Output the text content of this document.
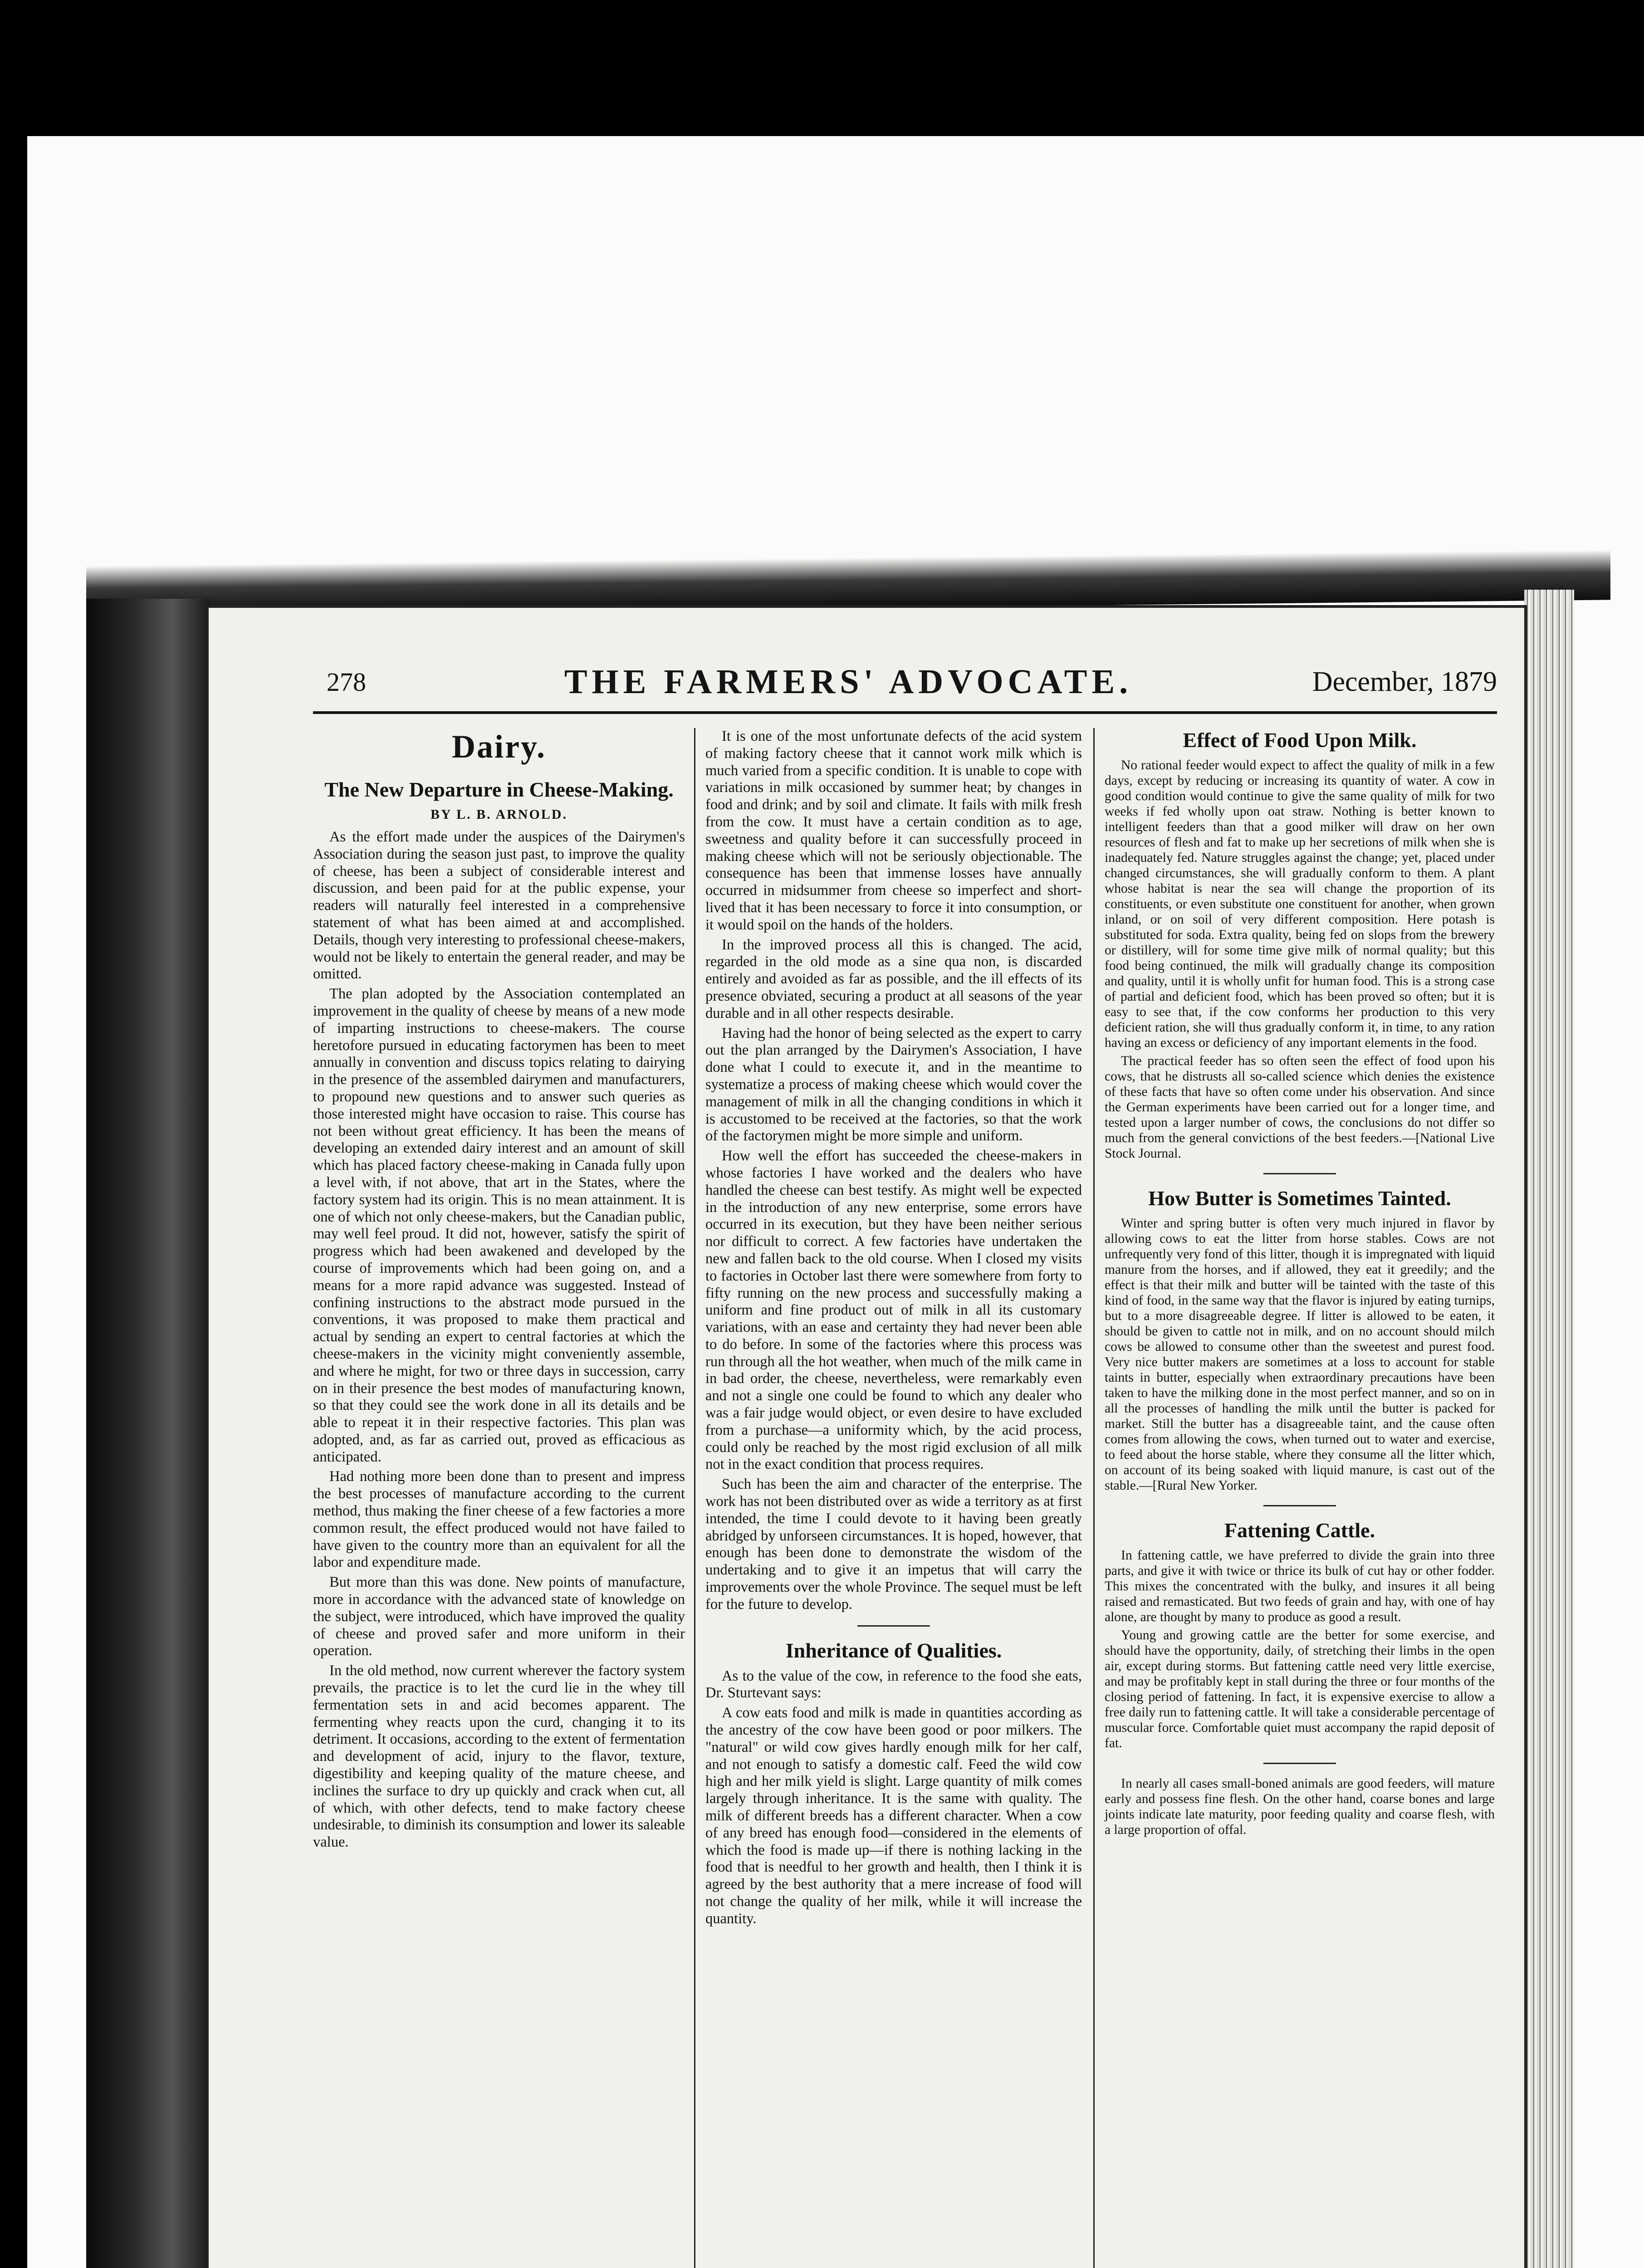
278	THE FARMERS' ADVOCATE.	December, 1879
Dairy.
The New Departure in Cheese-Making.
BY L. B. ARNOLD.

As the effort made under the auspices of the Dairymen's Association during the season just past, to improve the quality of cheese, has been a subject of considerable interest and discussion, and been paid for at the public expense, your readers will naturally feel interested in a comprehensive statement of what has been aimed at and accomplished. Details, though very interesting to professional cheese-makers, would not be likely to entertain the general reader, and may be omitted.

The plan adopted by the Association contemplated an improvement in the quality of cheese by means of a new mode of imparting instructions to cheese-makers. The course heretofore pursued in educating factorymen has been to meet annually in convention and discuss topics relating to dairying in the presence of the assembled dairymen and manufacturers, to propound new questions and to answer such queries as those interested might have occasion to raise. This course has not been without great efficiency. It has been the means of developing an extended dairy interest and an amount of skill which has placed factory cheese-making in Canada fully upon a level with, if not above, that art in the States, where the factory system had its origin. This is no mean attainment. It is one of which not only cheese-makers, but the Canadian public, may well feel proud. It did not, however, satisfy the spirit of progress which had been awakened and developed by the course of improvements which had been going on, and a means for a more rapid advance was suggested. Instead of confining instructions to the abstract mode pursued in the conventions, it was proposed to make them practical and actual by sending an expert to central factories at which the cheese-makers in the vicinity might conveniently assemble, and where he might, for two or three days in succession, carry on in their presence the best modes of manufacturing known, so that they could see the work done in all its details and be able to repeat it in their respective factories. This plan was adopted, and, as far as carried out, proved as efficacious as anticipated.

Had nothing more been done than to present and impress the best processes of manufacture according to the current method, thus making the finer cheese of a few factories a more common result, the effect produced would not have failed to have given to the country more than an equivalent for all the labor and expenditure made.

But more than this was done. New points of manufacture, more in accordance with the advanced state of knowledge on the subject, were introduced, which have improved the quality of cheese and proved safer and more uniform in their operation.

In the old method, now current wherever the factory system prevails, the practice is to let the curd lie in the whey till fermentation sets in and acid becomes apparent. The fermenting whey reacts upon the curd, changing it to its detriment. It occasions, according to the extent of fermentation and development of acid, injury to the flavor, texture, digestibility and keeping quality of the mature cheese, and inclines the surface to dry up quickly and crack when cut, all of which, with other defects, tend to make factory cheese undesirable, to diminish its consumption and lower its saleable value.

It is one of the most unfortunate defects of the acid system of making factory cheese that it cannot work milk which is much varied from a specific condition. It is unable to cope with variations in milk occasioned by summer heat; by changes in food and drink; and by soil and climate. It fails with milk fresh from the cow. It must have a certain condition as to age, sweetness and quality before it can successfully proceed in making cheese which will not be seriously objectionable. The consequence has been that immense losses have annually occurred in midsummer from cheese so imperfect and short-lived that it has been necessary to force it into consumption, or it would spoil on the hands of the holders.

In the improved process all this is changed. The acid, regarded in the old mode as a sine qua non, is discarded entirely and avoided as far as possible, and the ill effects of its presence obviated, securing a product at all seasons of the year durable and in all other respects desirable.

Having had the honor of being selected as the expert to carry out the plan arranged by the Dairymen's Association, I have done what I could to execute it, and in the meantime to systematize a process of making cheese which would cover the management of milk in all the changing conditions in which it is accustomed to be received at the factories, so that the work of the factorymen might be more simple and uniform.

How well the effort has succeeded the cheese-makers in whose factories I have worked and the dealers who have handled the cheese can best testify. As might well be expected in the introduction of any new enterprise, some errors have occurred in its execution, but they have been neither serious nor difficult to correct. A few factories have undertaken the new and fallen back to the old course. When I closed my visits to factories in October last there were somewhere from forty to fifty running on the new process and successfully making a uniform and fine product out of milk in all its customary variations, with an ease and certainty they had never been able to do before. In some of the factories where this process was run through all the hot weather, when much of the milk came in in bad order, the cheese, nevertheless, were remarkably even and not a single one could be found to which any dealer who was a fair judge would object, or even desire to have excluded from a purchase—a uniformity which, by the acid process, could only be reached by the most rigid exclusion of all milk not in the exact condition that process requires.

Such has been the aim and character of the enterprise. The work has not been distributed over as wide a territory as at first intended, the time I could devote to it having been greatly abridged by unforseen circumstances. It is hoped, however, that enough has been done to demonstrate the wisdom of the undertaking and to give it an impetus that will carry the improvements over the whole Province. The sequel must be left for the future to develop.

Inheritance of Qualities.

As to the value of the cow, in reference to the food she eats, Dr. Sturtevant says:

A cow eats food and milk is made in quantities according as the ancestry of the cow have been good or poor milkers. The "natural" or wild cow gives hardly enough milk for her calf, and not enough to satisfy a domestic calf. Feed the wild cow high and her milk yield is slight. Large quantity of milk comes largely through inheritance. It is the same with quality. The milk of different breeds has a different character. When a cow of any breed has enough food—considered in the elements of which the food is made up—if there is nothing lacking in the food that is needful to her growth and health, then I think it is agreed by the best authority that a mere increase of food will not change the quality of her milk, while it will increase the quantity.

Effect of Food Upon Milk.

No rational feeder would expect to affect the quality of milk in a few days, except by reducing or increasing its quantity of water. A cow in good condition would continue to give the same quality of milk for two weeks if fed wholly upon oat straw. Nothing is better known to intelligent feeders than that a good milker will draw on her own resources of flesh and fat to make up her secretions of milk when she is inadequately fed. Nature struggles against the change; yet, placed under changed circumstances, she will gradually conform to them. A plant whose habitat is near the sea will change the proportion of its constituents, or even substitute one constituent for another, when grown inland, or on soil of very different composition. Here potash is substituted for soda. Extra quality, being fed on slops from the brewery or distillery, will for some time give milk of normal quality; but this food being continued, the milk will gradually change its composition and quality, until it is wholly unfit for human food. This is a strong case of partial and deficient food, which has been proved so often; but it is easy to see that, if the cow conforms her production to this very deficient ration, she will thus gradually conform it, in time, to any ration having an excess or deficiency of any important elements in the food.

The practical feeder has so often seen the effect of food upon his cows, that he distrusts all so-called science which denies the existence of these facts that have so often come under his observation. And since the German experiments have been carried out for a longer time, and tested upon a larger number of cows, the conclusions do not differ so much from the general convictions of the best feeders.—[National Live Stock Journal.

How Butter is Sometimes Tainted.

Winter and spring butter is often very much injured in flavor by allowing cows to eat the litter from horse stables. Cows are not unfrequently very fond of this litter, though it is impregnated with liquid manure from the horses, and if allowed, they eat it greedily; and the effect is that their milk and butter will be tainted with the taste of this kind of food, in the same way that the flavor is injured by eating turnips, but to a more disagreeable degree. If litter is allowed to be eaten, it should be given to cattle not in milk, and on no account should milch cows be allowed to consume other than the sweetest and purest food. Very nice butter makers are sometimes at a loss to account for stable taints in butter, especially when extraordinary precautions have been taken to have the milking done in the most perfect manner, and so on in all the processes of handling the milk until the butter is packed for market. Still the butter has a disagreeable taint, and the cause often comes from allowing the cows, when turned out to water and exercise, to feed about the horse stable, where they consume all the litter which, on account of its being soaked with liquid manure, is cast out of the stable.—[Rural New Yorker.

Fattening Cattle.

In fattening cattle, we have preferred to divide the grain into three parts, and give it with twice or thrice its bulk of cut hay or other fodder. This mixes the concentrated with the bulky, and insures it all being raised and remasticated. But two feeds of grain and hay, with one of hay alone, are thought by many to produce as good a result.

Young and growing cattle are the better for some exercise, and should have the opportunity, daily, of stretching their limbs in the open air, except during storms. But fattening cattle need very little exercise, and may be profitably kept in stall during the three or four months of the closing period of fattening. In fact, it is expensive exercise to allow a free daily run to fattening cattle. It will take a considerable percentage of muscular force. Comfortable quiet must accompany the rapid deposit of fat.

In nearly all cases small-boned animals are good feeders, will mature early and possess fine flesh. On the other hand, coarse bones and large joints indicate late maturity, poor feeding quality and coarse flesh, with a large proportion of offal.
